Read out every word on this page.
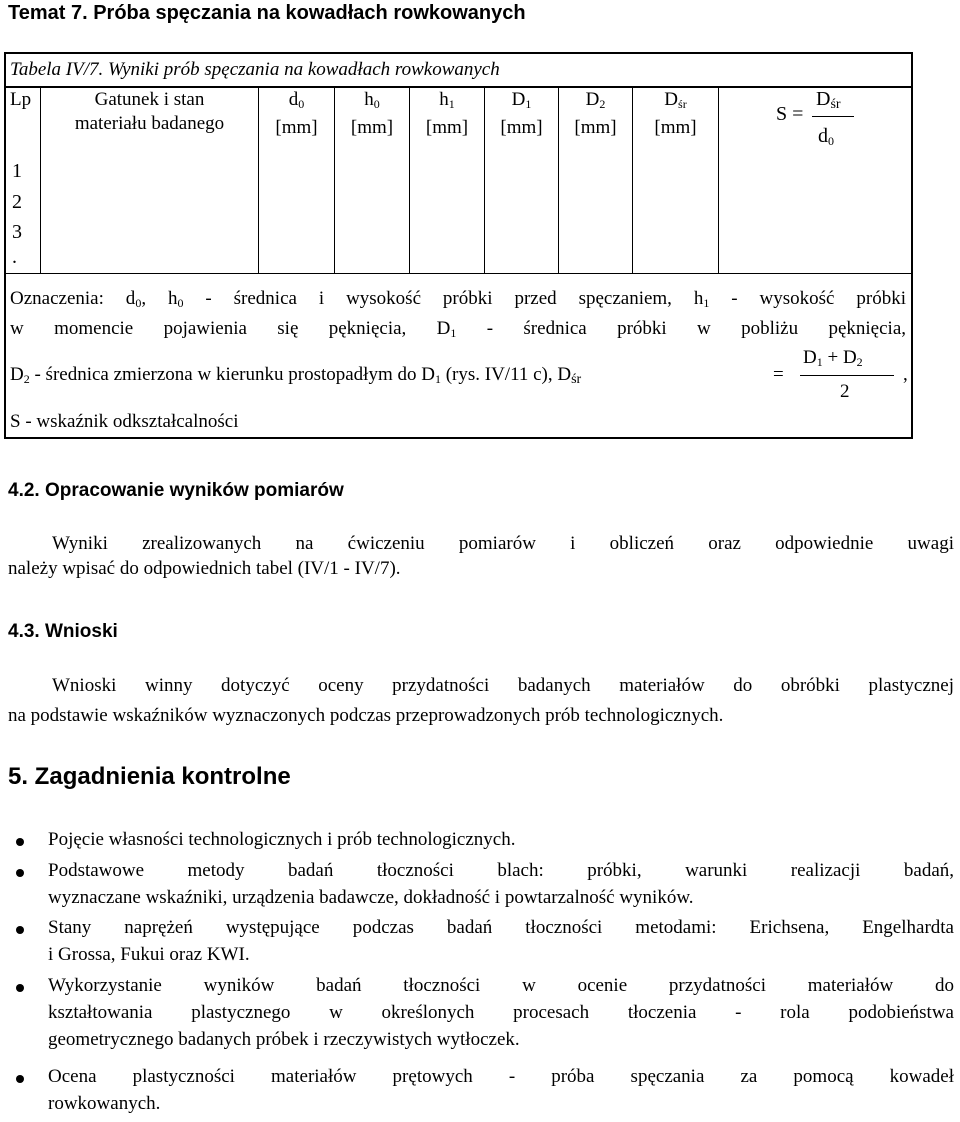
Temat 7. Próba spęczania na kowadłach rowkowanych
Tabela IV/7. Wyniki prób spęczania na kowadłach rowkowanych
Lp	Gatunek i stan
materiału badanego
$d_0$
[mm]
$h_0$
[mm]
$h_1$
[mm]
$D_1$
[mm]
$D_2$
[mm]
$D_{śr}$
[mm]
S =
$D_{śr}$
$d_0$
1
2
3
.
Oznaczenia: $d_0$, $h_0$ - średnica i wysokość próbki przed spęczaniem, $h_1$ - wysokość próbki
w momencie pojawienia się pęknięcia, $D_1$ - średnica próbki w pobliżu pęknięcia,
$D_2$ - średnica zmierzona w kierunku prostopadłym do $D_1$ (rys. IV/11 c), $D_{śr}$	=
$D_1 + D_2$
2
,
S - wskaźnik odkształcalności
4.2. Opracowanie wyników pomiarów
Wyniki zrealizowanych na ćwiczeniu pomiarów i obliczeń oraz odpowiednie uwagi
należy wpisać do odpowiednich tabel (IV/1 - IV/7).
4.3. Wnioski
Wnioski winny dotyczyć oceny przydatności badanych materiałów do obróbki plastycznej
na podstawie wskaźników wyznaczonych podczas przeprowadzonych prób technologicznych.
5. Zagadnienia kontrolne
Pojęcie własności technologicznych i prób technologicznych.
Podstawowe metody badań tłoczności blach: próbki, warunki realizacji badań,
wyznaczane wskaźniki, urządzenia badawcze, dokładność i powtarzalność wyników.
Stany naprężeń występujące podczas badań tłoczności metodami: Erichsena, Engelhardta
i Grossa, Fukui oraz KWI.
Wykorzystanie wyników badań tłoczności w ocenie przydatności materiałów do
kształtowania plastycznego w określonych procesach tłoczenia - rola podobieństwa
geometrycznego badanych próbek i rzeczywistych wytłoczek.
Ocena plastyczności materiałów prętowych - próba spęczania za pomocą kowadeł
rowkowanych.
